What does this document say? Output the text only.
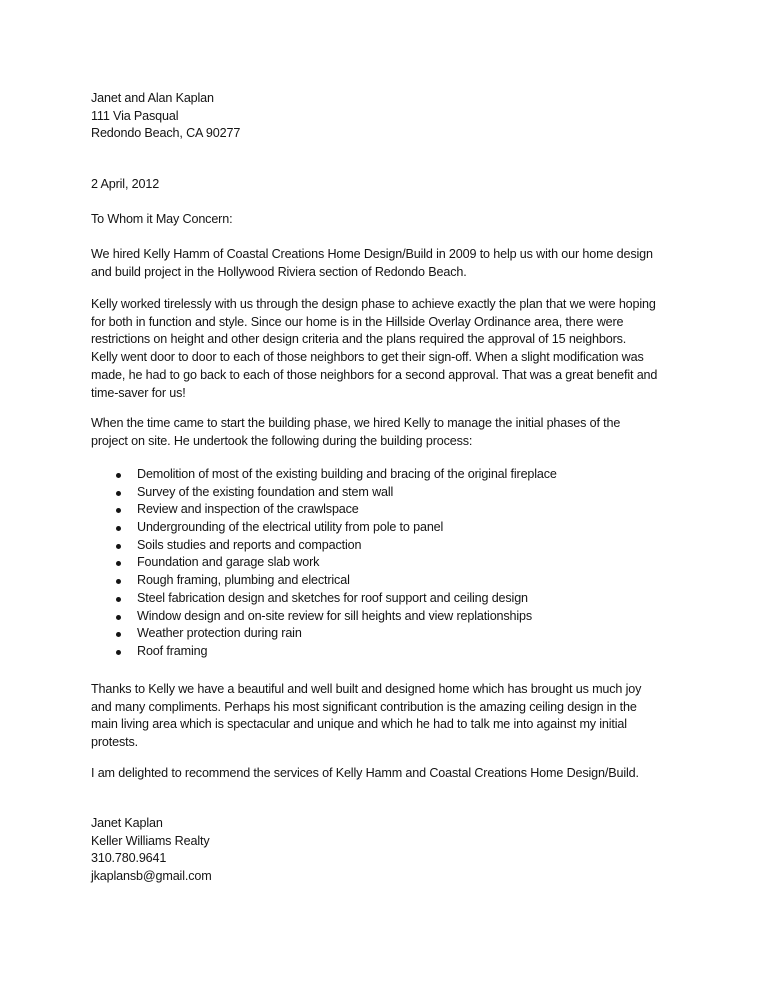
Janet and Alan Kaplan
111 Via Pasqual
Redondo Beach, CA 90277
2 April, 2012
To Whom it May Concern:
We hired Kelly Hamm of Coastal Creations Home Design/Build in 2009 to help us with our home design
and build project in the Hollywood Riviera section of Redondo Beach.
Kelly worked tirelessly with us through the design phase to achieve exactly the plan that we were hoping
for both in function and style. Since our home is in the Hillside Overlay Ordinance area, there were
restrictions on height and other design criteria and the plans required the approval of 15 neighbors.
Kelly went door to door to each of those neighbors to get their sign-off. When a slight modification was
made, he had to go back to each of those neighbors for a second approval. That was a great benefit and
time-saver for us!
When the time came to start the building phase, we hired Kelly to manage the initial phases of the
project on site. He undertook the following during the building process:
Demolition of most of the existing building and bracing of the original fireplace
Survey of the existing foundation and stem wall
Review and inspection of the crawlspace
Undergrounding of the electrical utility from pole to panel
Soils studies and reports and compaction
Foundation and garage slab work
Rough framing, plumbing and electrical
Steel fabrication design and sketches for roof support and ceiling design
Window design and on-site review for sill heights and view replationships
Weather protection during rain
Roof framing
Thanks to Kelly we have a beautiful and well built and designed home which has brought us much joy
and many compliments. Perhaps his most significant contribution is the amazing ceiling design in the
main living area which is spectacular and unique and which he had to talk me into against my initial
protests.
I am delighted to recommend the services of Kelly Hamm and Coastal Creations Home Design/Build.
Janet Kaplan
Keller Williams Realty
310.780.9641
jkaplansb@gmail.com
